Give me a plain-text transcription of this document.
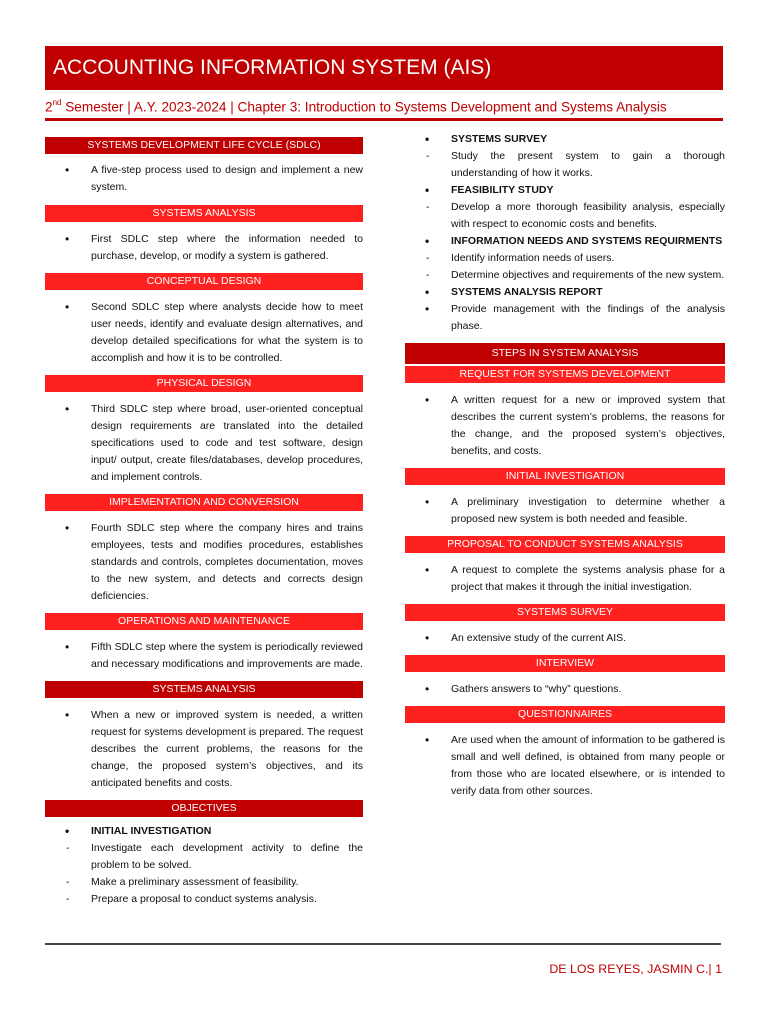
ACCOUNTING INFORMATION SYSTEM (AIS)
2nd Semester | A.Y. 2023-2024 | Chapter 3: Introduction to Systems Development and Systems Analysis
SYSTEMS DEVELOPMENT LIFE CYCLE (SDLC)
• A five-step process used to design and implement a new system.
SYSTEMS ANALYSIS
• First SDLC step where the information needed to purchase, develop, or modify a system is gathered.
CONCEPTUAL DESIGN
• Second SDLC step where analysts decide how to meet user needs, identify and evaluate design alternatives, and develop detailed specifications for what the system is to accomplish and how it is to be controlled.
PHYSICAL DESIGN
• Third SDLC step where broad, user-oriented conceptual design requirements are translated into the detailed specifications used to code and test software, design input/ output, create files/databases, develop procedures, and implement controls.
IMPLEMENTATION AND CONVERSION
• Fourth SDLC step where the company hires and trains employees, tests and modifies procedures, establishes standards and controls, completes documentation, moves to the new system, and detects and corrects design deficiencies.
OPERATIONS AND MAINTENANCE
• Fifth SDLC step where the system is periodically reviewed and necessary modifications and improvements are made.
SYSTEMS ANALYSIS
• When a new or improved system is needed, a written request for systems development is prepared. The request describes the current problems, the reasons for the change, the proposed system’s objectives, and its anticipated benefits and costs.
OBJECTIVES
• INITIAL INVESTIGATION
- Investigate each development activity to define the problem to be solved.
- Make a preliminary assessment of feasibility.
- Prepare a proposal to conduct systems analysis.
• SYSTEMS SURVEY
- Study the present system to gain a thorough understanding of how it works.
• FEASIBILITY STUDY
- Develop a more thorough feasibility analysis, especially with respect to economic costs and benefits.
• INFORMATION NEEDS AND SYSTEMS REQUIRMENTS
- Identify information needs of users.
- Determine objectives and requirements of the new system.
• SYSTEMS ANALYSIS REPORT
• Provide management with the findings of the analysis phase.
STEPS IN SYSTEM ANALYSIS
REQUEST FOR SYSTEMS DEVELOPMENT
• A written request for a new or improved system that describes the current system’s problems, the reasons for the change, and the proposed system’s objectives, benefits, and costs.
INITIAL INVESTIGATION
• A preliminary investigation to determine whether a proposed new system is both needed and feasible.
PROPOSAL TO CONDUCT SYSTEMS ANALYSIS
• A request to complete the systems analysis phase for a project that makes it through the initial investigation.
SYSTEMS SURVEY
• An extensive study of the current AIS.
INTERVIEW
• Gathers answers to “why” questions.
QUESTIONNAIRES
• Are used when the amount of information to be gathered is small and well defined, is obtained from many people or from those who are located elsewhere, or is intended to verify data from other sources.
DE LOS REYES, JASMIN C.| 1
